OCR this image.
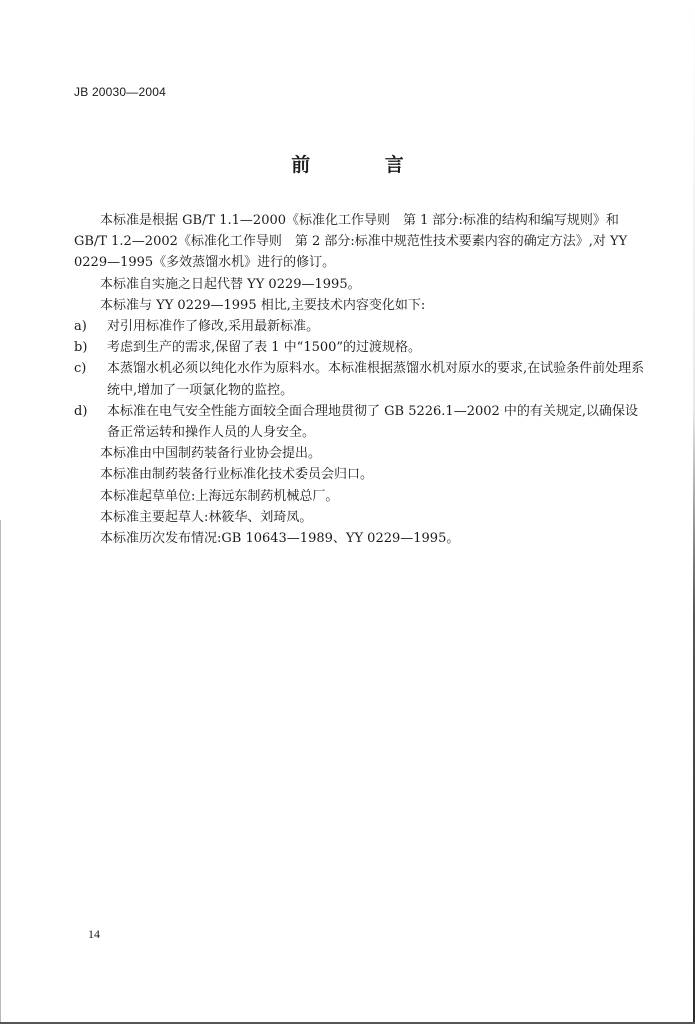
JB 20030—2004
前 言

本标准是根据 GB/T 1.1—2000《标准化工作导则　第 1 部分:标准的结构和编写规则》和 GB/T 1.2—2002《标准化工作导则　第 2 部分:标准中规范性技术要素内容的确定方法》,对 YY 0229—1995《多效蒸馏水机》进行的修订。

本标准自实施之日起代替 YY 0229—1995。

本标准与 YY 0229—1995 相比,主要技术内容变化如下:

a) 对引用标准作了修改,采用最新标准。
b) 考虑到生产的需求,保留了表 1 中“1500”的过渡规格。
c) 本蒸馏水机必须以纯化水作为原料水。本标准根据蒸馏水机对原水的要求,在试验条件前处理系统中,增加了一项氯化物的监控。
d) 本标准在电气安全性能方面较全面合理地贯彻了 GB 5226.1—2002 中的有关规定,以确保设备正常运转和操作人员的人身安全。

本标准由中国制药装备行业协会提出。

本标准由制药装备行业标准化技术委员会归口。

本标准起草单位:上海远东制药机械总厂。

本标准主要起草人:林筱华、刘琦凤。

本标准历次发布情况:GB 10643—1989、YY 0229—1995。

14
